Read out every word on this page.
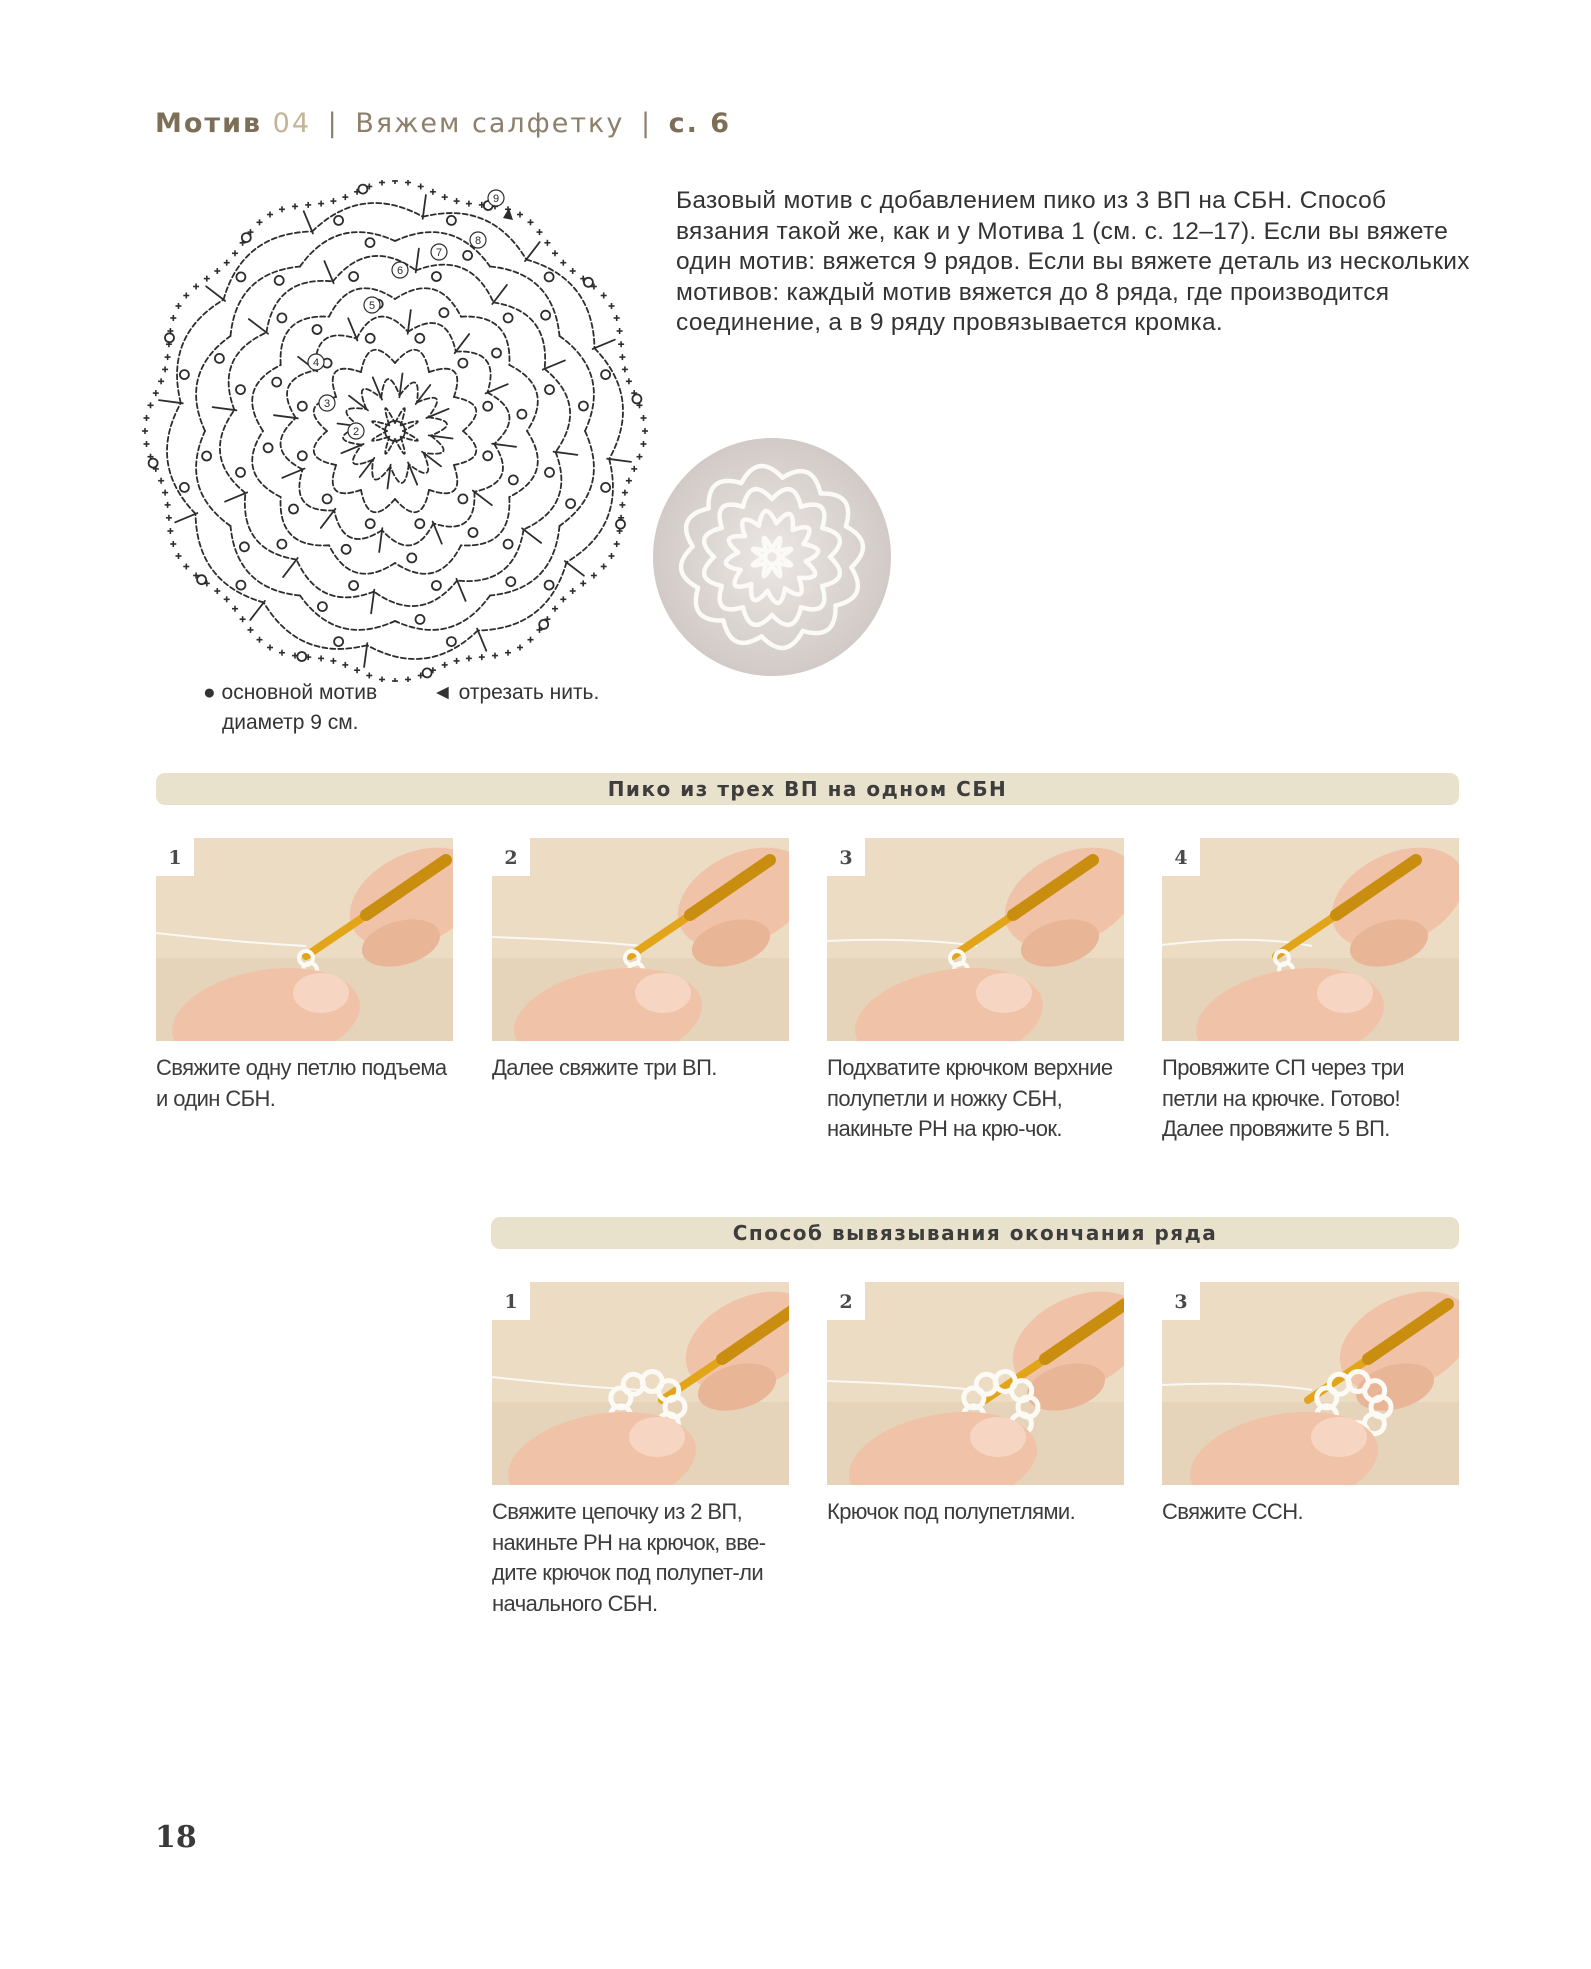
Мотив 04 | Вяжем салфетку | с. 6
2
3
4
5
6
7
8
9	Базовый мотив с добавлением пико из 3 ВП на СБН. Способ вязания такой же, как и у Мотива 1 (см. с. 12–17). Если вы вяжете один мотив: вяжется 9 рядов. Если вы вяжете деталь из нескольких мотивов: каждый мотив вяжется до 8 ряда, где производится соединение, а в 9 ряду провязывается кромка.
● основной мотив
диаметр 9 см.
◄ отрезать нить.
Пико из трех ВП на одном СБН
1	2	3	4
Свяжите одну петлю подъема и один СБН.
Далее свяжите три ВП.	Подхватите крючком верхние полупетли и ножку СБН, накиньте РН на крю-чок.
Провяжите СП через три петли на крючке. Готово! Далее провяжите 5 ВП.
Способ вывязывания окончания ряда
1	2	3
Свяжите цепочку из 2 ВП, накиньте РН на крючок, вве-дите крючок под полупет-ли начального СБН.
Крючок под полупетлями.	Свяжите ССН.
18
